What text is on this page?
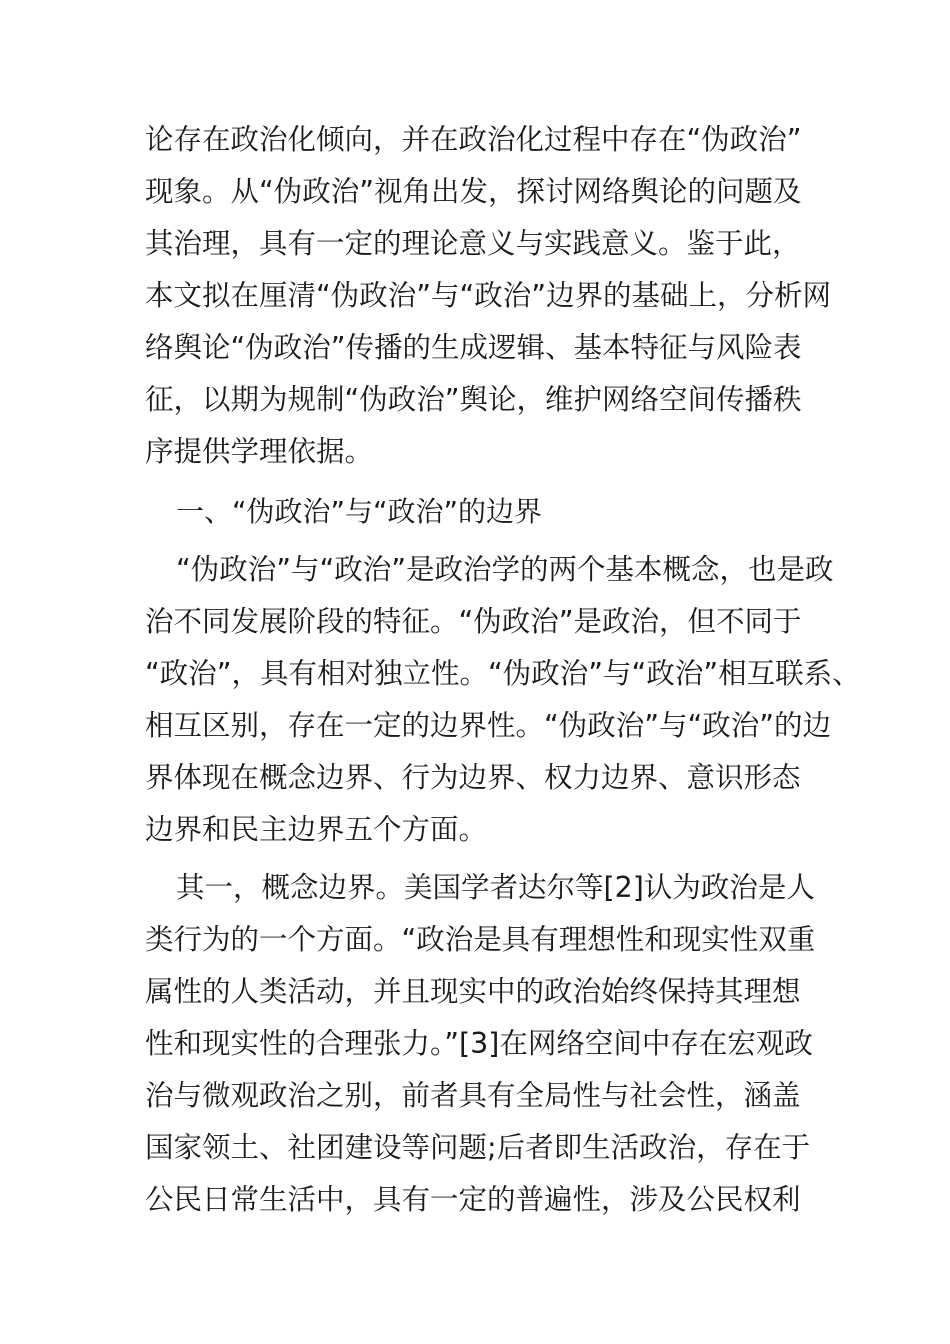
论存在政治化倾向，并在政治化过程中存在“伪政治”
现象。从“伪政治”视角出发，探讨网络舆论的问题及
其治理，具有一定的理论意义与实践意义。鉴于此，
本文拟在厘清“伪政治”与“政治”边界的基础上，分析网
络舆论“伪政治”传播的生成逻辑、基本特征与风险表
征，以期为规制“伪政治”舆论，维护网络空间传播秩
序提供学理依据。
一、“伪政治”与“政治”的边界
“伪政治”与“政治”是政治学的两个基本概念，也是政
治不同发展阶段的特征。“伪政治”是政治，但不同于
“政治”，具有相对独立性。“伪政治”与“政治”相互联系、
相互区别，存在一定的边界性。“伪政治”与“政治”的边
界体现在概念边界、行为边界、权力边界、意识形态
边界和民主边界五个方面。
其一，概念边界。美国学者达尔等[2]认为政治是人
类行为的一个方面。“政治是具有理想性和现实性双重
属性的人类活动，并且现实中的政治始终保持其理想
性和现实性的合理张力。”[3]在网络空间中存在宏观政
治与微观政治之别，前者具有全局性与社会性，涵盖
国家领土、社团建设等问题;后者即生活政治，存在于
公民日常生活中，具有一定的普遍性，涉及公民权利
